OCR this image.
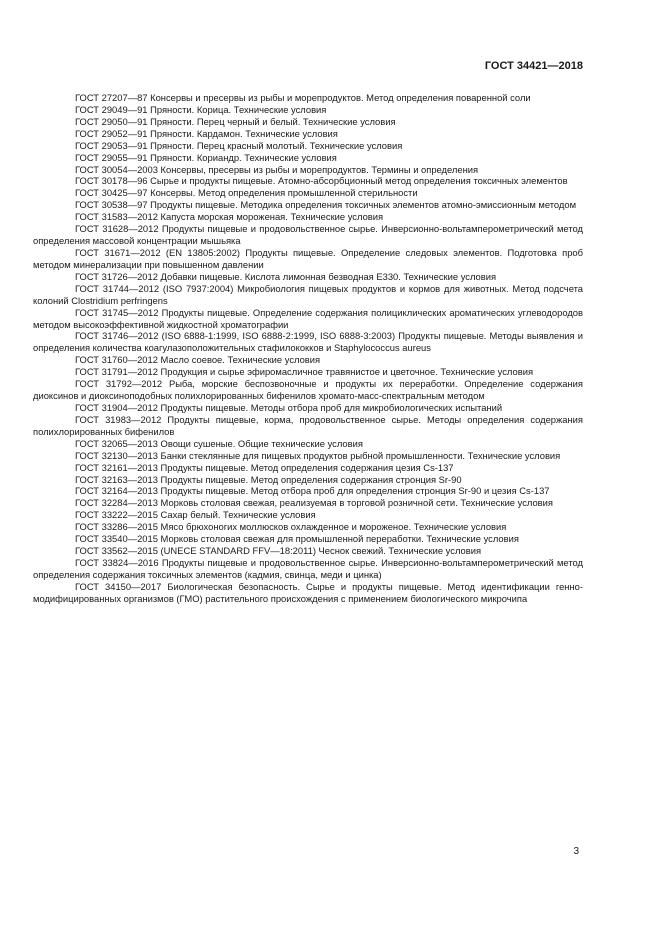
ГОСТ 34421—2018
ГОСТ 27207—87 Консервы и пресервы из рыбы и морепродуктов. Метод определения поваренной соли
ГОСТ 29049—91 Пряности. Корица. Технические условия
ГОСТ 29050—91 Пряности. Перец черный и белый. Технические условия
ГОСТ 29052—91 Пряности. Кардамон. Технические условия
ГОСТ 29053—91 Пряности. Перец красный молотый. Технические условия
ГОСТ 29055—91 Пряности. Кориандр. Технические условия
ГОСТ 30054—2003 Консервы, пресервы из рыбы и морепродуктов. Термины и определения
ГОСТ 30178—96 Сырье и продукты пищевые. Атомно-абсорбционный метод определения токсичных элементов
ГОСТ 30425—97 Консервы. Метод определения промышленной стерильности
ГОСТ 30538—97 Продукты пищевые. Методика определения токсичных элементов атомно-эмиссионным методом
ГОСТ 31583—2012 Капуста морская мороженая. Технические условия
ГОСТ 31628—2012 Продукты пищевые и продовольственное сырье. Инверсионно-вольтамперометрический метод определения массовой концентрации мышьяка
ГОСТ 31671—2012 (EN 13805:2002) Продукты пищевые. Определение следовых элементов. Подготовка проб методом минерализации при повышенном давлении
ГОСТ 31726—2012 Добавки пищевые. Кислота лимонная безводная E330. Технические условия
ГОСТ 31744—2012 (ISO 7937:2004) Микробиология пищевых продуктов и кормов для животных. Метод подсчета колоний Clostridium perfringens
ГОСТ 31745—2012 Продукты пищевые. Определение содержания полициклических ароматических углеводородов методом высокоэффективной жидкостной хроматографии
ГОСТ 31746—2012 (ISO 6888-1:1999, ISO 6888-2:1999, ISO 6888-3:2003) Продукты пищевые. Методы выявления и определения количества коагулазоположительных стафилококков и Staphylococcus aureus
ГОСТ 31760—2012 Масло соевое. Технические условия
ГОСТ 31791—2012 Продукция и сырье эфиромасличное травянистое и цветочное. Технические условия
ГОСТ 31792—2012 Рыба, морские беспозвоночные и продукты их переработки. Определение содержания диоксинов и диоксиноподобных полихлорированных бифенилов хромато-масс-спектральным методом
ГОСТ 31904—2012 Продукты пищевые. Методы отбора проб для микробиологических испытаний
ГОСТ 31983—2012 Продукты пищевые, корма, продовольственное сырье. Методы определения содержания полихлорированных бифенилов
ГОСТ 32065—2013 Овощи сушеные. Общие технические условия
ГОСТ 32130—2013 Банки стеклянные для пищевых продуктов рыбной промышленности. Технические условия
ГОСТ 32161—2013 Продукты пищевые. Метод определения содержания цезия Cs-137
ГОСТ 32163—2013 Продукты пищевые. Метод определения содержания стронция Sr-90
ГОСТ 32164—2013 Продукты пищевые. Метод отбора проб для определения стронция Sr-90 и цезия Cs-137
ГОСТ 32284—2013 Морковь столовая свежая, реализуемая в торговой розничной сети. Технические условия
ГОСТ 33222—2015 Сахар белый. Технические условия
ГОСТ 33286—2015 Мясо брюхоногих моллюсков охлажденное и мороженое. Технические условия
ГОСТ 33540—2015 Морковь столовая свежая для промышленной переработки. Технические условия
ГОСТ 33562—2015 (UNECE STANDARD FFV—18:2011) Чеснок свежий. Технические условия
ГОСТ 33824—2016 Продукты пищевые и продовольственное сырье. Инверсионно-вольтамперометрический метод определения содержания токсичных элементов (кадмия, свинца, меди и цинка)
ГОСТ 34150—2017 Биологическая безопасность. Сырье и продукты пищевые. Метод идентификации генно-модифицированных организмов (ГМО) растительного происхождения с применением биологического микрочипа
3
